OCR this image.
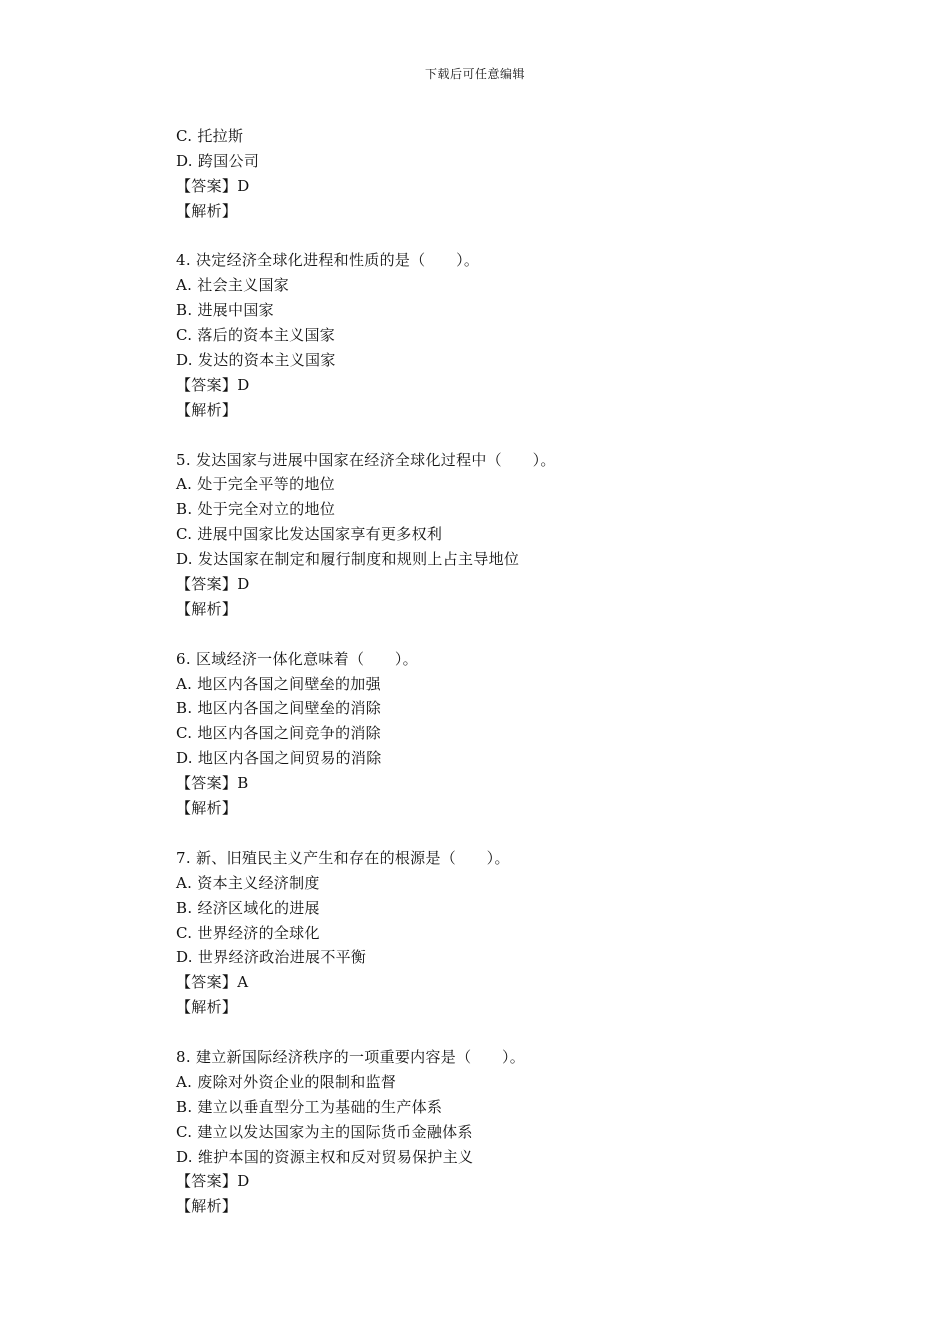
下载后可任意编辑
C. 托拉斯
D. 跨国公司
【答案】D
【解析】
4. 决定经济全球化进程和性质的是（　　）。
A. 社会主义国家
B. 进展中国家
C. 落后的资本主义国家
D. 发达的资本主义国家
【答案】D
【解析】
5. 发达国家与进展中国家在经济全球化过程中（　　）。
A. 处于完全平等的地位
B. 处于完全对立的地位
C. 进展中国家比发达国家享有更多权利
D. 发达国家在制定和履行制度和规则上占主导地位
【答案】D
【解析】
6. 区域经济一体化意味着（　　）。
A. 地区内各国之间壁垒的加强
B. 地区内各国之间壁垒的消除
C. 地区内各国之间竞争的消除
D. 地区内各国之间贸易的消除
【答案】B
【解析】
7. 新、旧殖民主义产生和存在的根源是（　　）。
A. 资本主义经济制度
B. 经济区域化的进展
C. 世界经济的全球化
D. 世界经济政治进展不平衡
【答案】A
【解析】
8. 建立新国际经济秩序的一项重要内容是（　　）。
A. 废除对外资企业的限制和监督
B. 建立以垂直型分工为基础的生产体系
C. 建立以发达国家为主的国际货币金融体系
D. 维护本国的资源主权和反对贸易保护主义
【答案】D
【解析】
